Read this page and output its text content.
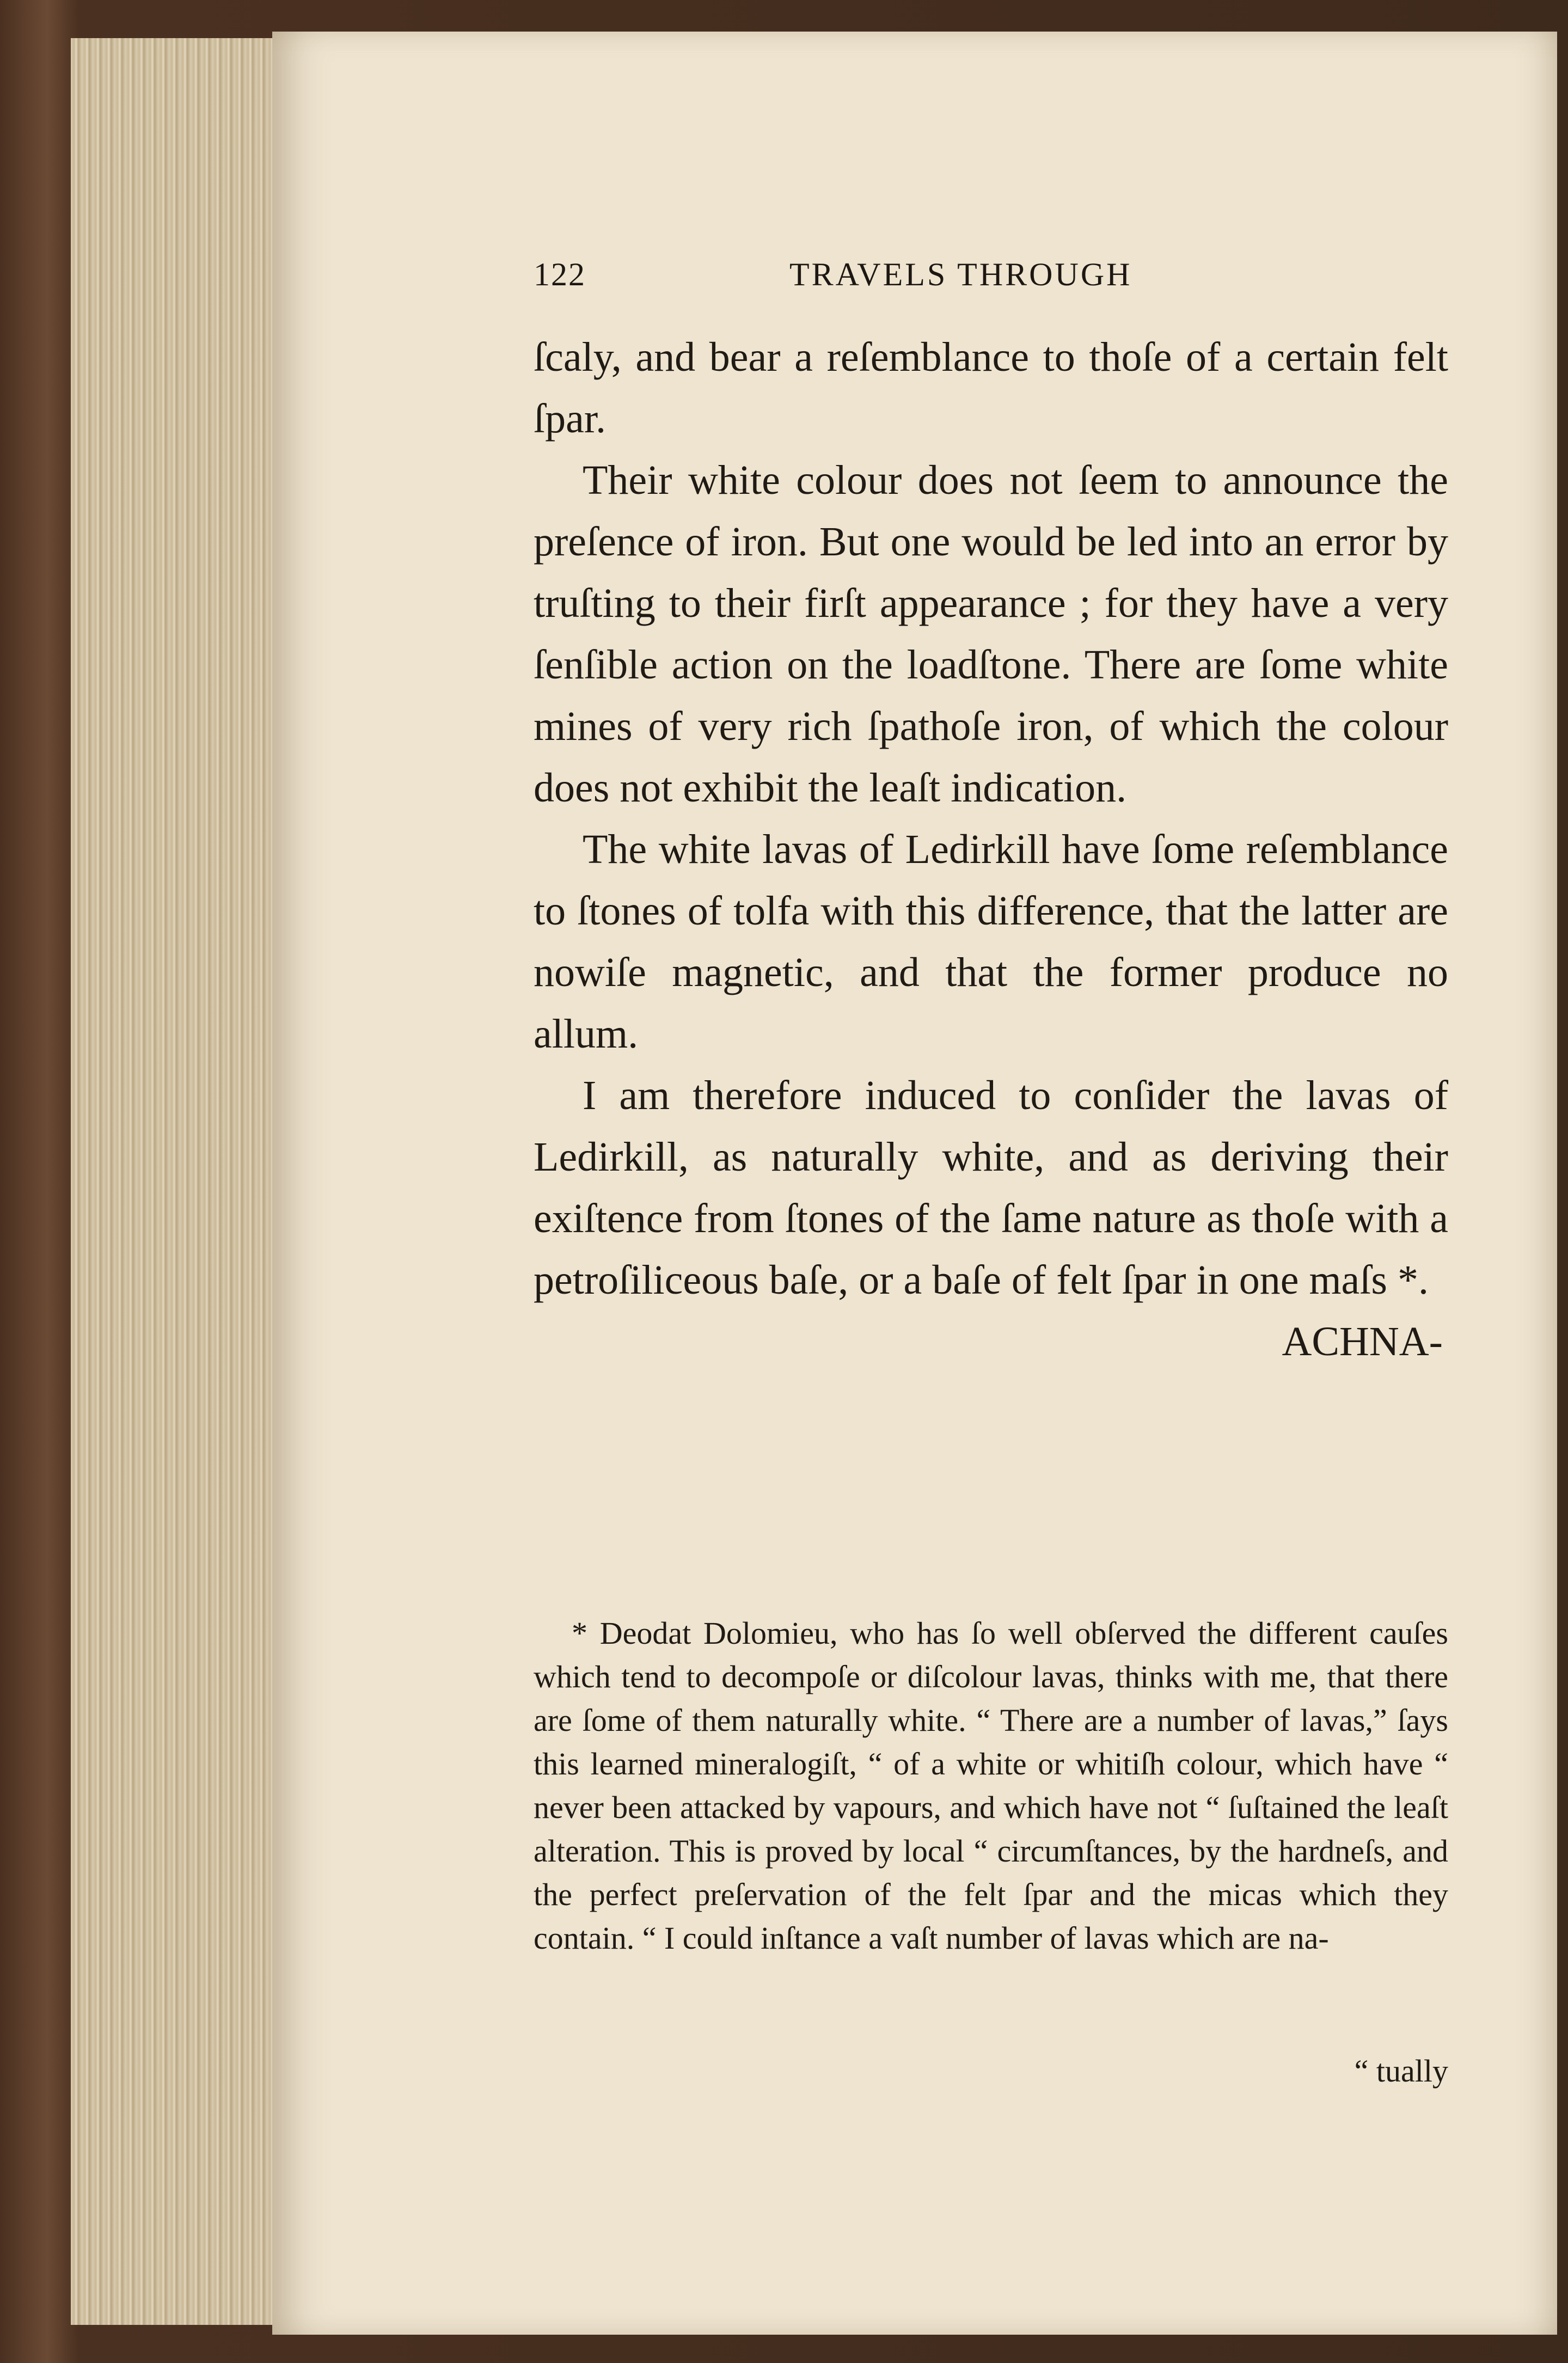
122	TRAVELS THROUGH

ſcaly, and bear a reſemblance to thoſe of a certain felt ſpar.

Their white colour does not ſeem to announce the preſence of iron. But one would be led into an error by truſting to their firſt appearance ; for they have a very ſenſible action on the loadſtone. There are ſome white mines of very rich ſpathoſe iron, of which the colour does not exhibit the leaſt indication.

The white lavas of Ledirkill have ſome reſemblance to ſtones of tolfa with this difference, that the latter are nowiſe magnetic, and that the former produce no allum.

I am therefore induced to conſider the lavas of Ledirkill, as naturally white, and as deriving their exiſtence from ſtones of the ſame nature as thoſe with a petroſiliceous baſe, or a baſe of felt ſpar in one maſs *.

ACHNA-

* Deodat Dolomieu, who has ſo well obſerved the different cauſes which tend to decompoſe or diſcolour lavas, thinks with me, that there are ſome of them naturally white. “ There are a number of lavas,” ſays this learned mineralogiſt, “ of a white or whitiſh colour, which have “ never been attacked by vapours, and which have not “ ſuſtained the leaſt alteration. This is proved by local “ circumſtances, by the hardneſs, and the perfect preſervation of the felt ſpar and the micas which they contain. “ I could inſtance a vaſt number of lavas which are na-

“ tually
